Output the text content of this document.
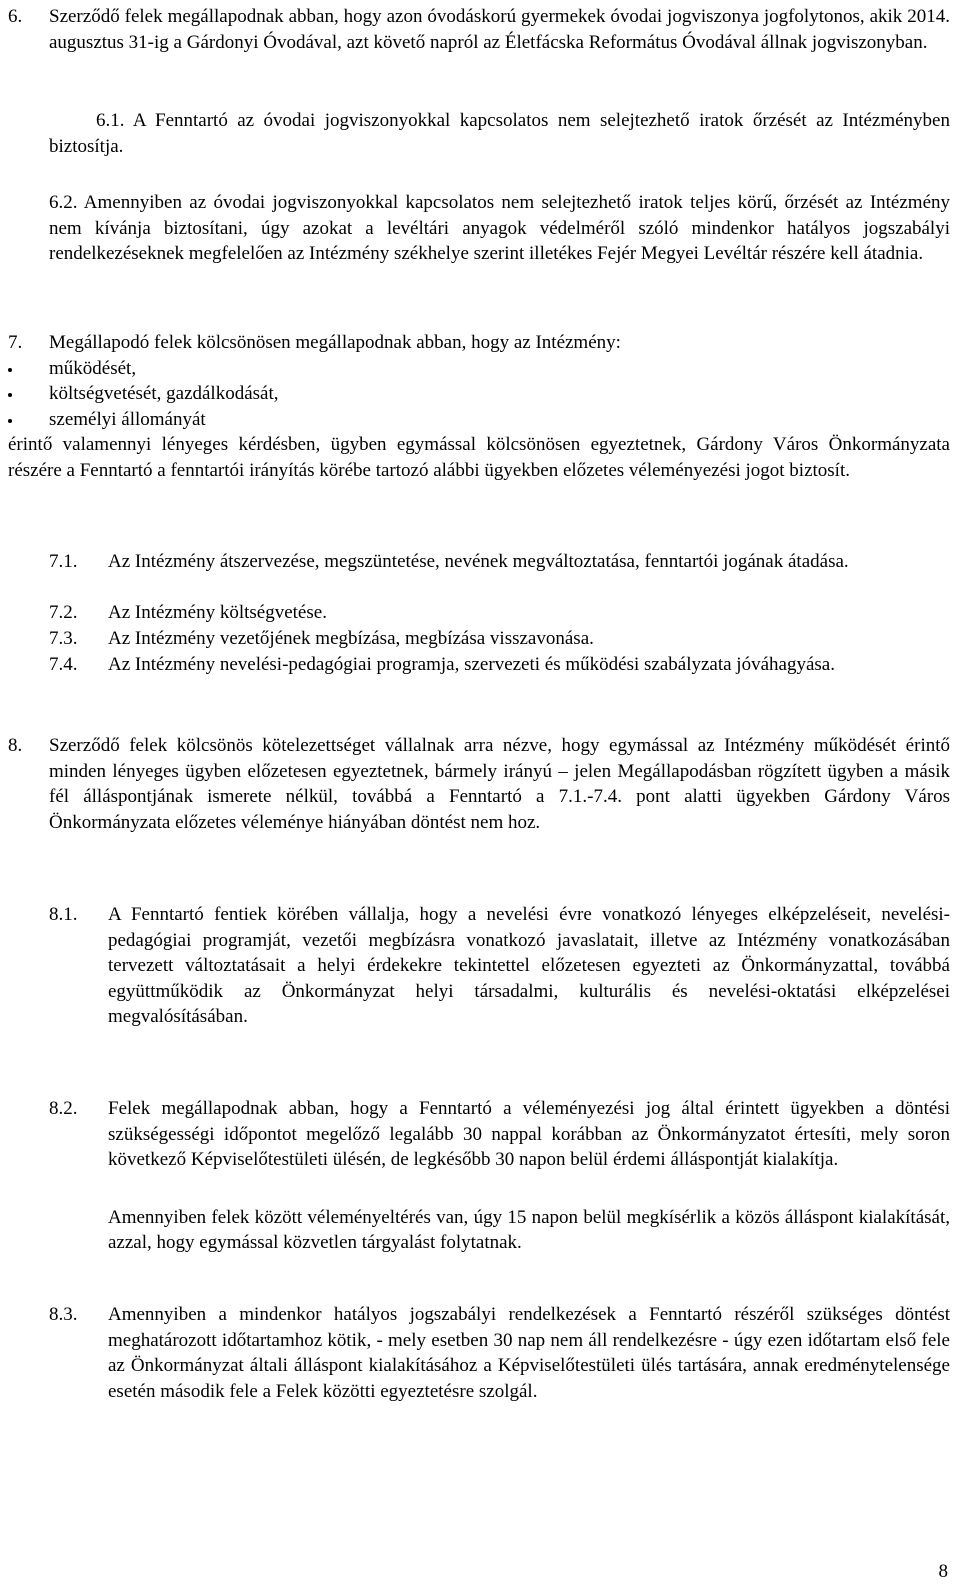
6. Szerződő felek megállapodnak abban, hogy azon óvodáskorú gyermekek óvodai jogviszonya jogfolytonos, akik 2014. augusztus 31-ig a Gárdonyi Óvodával, azt követő napról az Életfácska Református Óvodával állnak jogviszonyban.
6.1. A Fenntartó az óvodai jogviszonyokkal kapcsolatos nem selejtezhető iratok őrzését az Intézményben biztosítja.
6.2. Amennyiben az óvodai jogviszonyokkal kapcsolatos nem selejtezhető iratok teljes körű, őrzését az Intézmény nem kívánja biztosítani, úgy azokat a levéltári anyagok védelméről szóló mindenkor hatályos jogszabályi rendelkezéseknek megfelelően az Intézmény székhelye szerint illetékes Fejér Megyei Levéltár részére kell átadnia.
7. Megállapodó felek kölcsönösen megállapodnak abban, hogy az Intézmény:
működését,
költségvetését, gazdálkodását,
személyi állományát
érintő valamennyi lényeges kérdésben, ügyben egymással kölcsönösen egyeztetnek, Gárdony Város Önkormányzata részére a Fenntartó a fenntartói irányítás körébe tartozó alábbi ügyekben előzetes véleményezési jogot biztosít.
7.1. Az Intézmény átszervezése, megszüntetése, nevének megváltoztatása, fenntartói jogának átadása.
7.2. Az Intézmény költségvetése.
7.3. Az Intézmény vezetőjének megbízása, megbízása visszavonása.
7.4. Az Intézmény nevelési-pedagógiai programja, szervezeti és működési szabályzata jóváhagyása.
8. Szerződő felek kölcsönös kötelezettséget vállalnak arra nézve, hogy egymással az Intézmény működését érintő minden lényeges ügyben előzetesen egyeztetnek, bármely irányú – jelen Megállapodásban rögzített ügyben a másik fél álláspontjának ismerete nélkül, továbbá a Fenntartó a 7.1.-7.4. pont alatti ügyekben Gárdony Város Önkormányzata előzetes véleménye hiányában döntést nem hoz.
8.1. A Fenntartó fentiek körében vállalja, hogy a nevelési évre vonatkozó lényeges elképzeléseit, nevelési-pedagógiai programját, vezetői megbízásra vonatkozó javaslatait, illetve az Intézmény vonatkozásában tervezett változtatásait a helyi érdekekre tekintettel előzetesen egyezteti az Önkormányzattal, továbbá együttműködik az Önkormányzat helyi társadalmi, kulturális és nevelési-oktatási elképzelései megvalósításában.
8.2. Felek megállapodnak abban, hogy a Fenntartó a véleményezési jog által érintett ügyekben a döntési szükségességi időpontot megelőző legalább 30 nappal korábban az Önkormányzatot értesíti, mely soron következő Képviselőtestületi ülésén, de legkésőbb 30 napon belül érdemi álláspontját kialakítja.
Amennyiben felek között véleményeltérés van, úgy 15 napon belül megkísérlik a közös álláspont kialakítását, azzal, hogy egymással közvetlen tárgyalást folytatnak.
8.3. Amennyiben a mindenkor hatályos jogszabályi rendelkezések a Fenntartó részéről szükséges döntést meghatározott időtartamhoz kötik, - mely esetben 30 nap nem áll rendelkezésre - úgy ezen időtartam első fele az Önkormányzat általi álláspont kialakításához a Képviselőtestületi ülés tartására, annak eredménytelensége esetén második fele a Felek közötti egyeztetésre szolgál.
8
